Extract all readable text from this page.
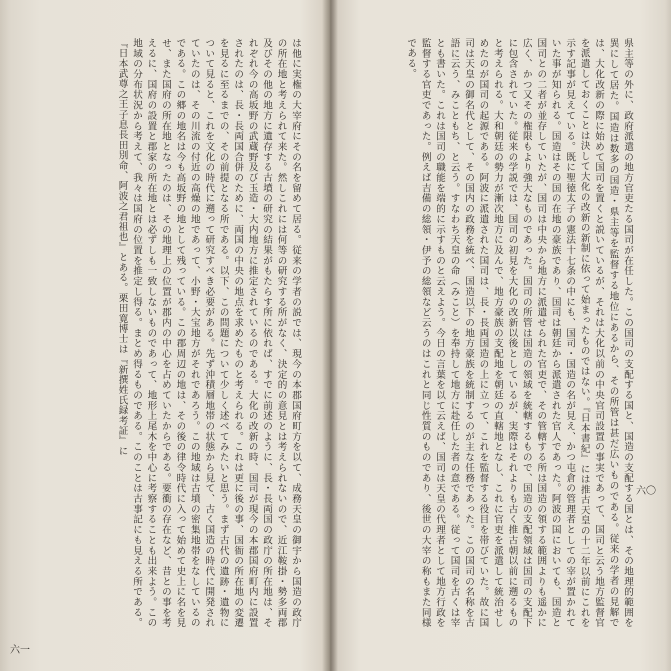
は他に実権の大宰府にその名を留めて居る。従来の学者の説では、現今の本郡国府町方を以て、成務天皇の御宇から国造の政庁の所在地と考えられて来た。然しこれには何等の研究する所がなく、決定的の意見とは考えられないので、近江鞍掛・勢多両郡及びその他の地方に遺存する古墳の研究の結果がもたらす所に依れば、すでに前述のように、長・長両国の政庁の所在地は、それぞれ今の高坂野の武蔵野及び玉造・大内地方に推定されているのである。大化の改新の時、国司が現今の本郡国府町内に設置されたのは、長・長両国合併のために、両国の中央の地点を求めたものと考えられる。これは更に後の事、国衙の所在地の変遷を見るに至るまでの、その前提となる所である。以下、この問題について少しく述べてみたいと思う。まず古代の遺跡・遺物について見ると、これを文化の時代に遡って研究すべき必要がある。先ず沖積層地帯の状態から見て、古く国造の時代に開発されていたのは、その川流の付近の高燥の地であって、小野・大宝地方がそれであろう。この地域は古墳の密集地帯をなしているのである。この郷の地名は今も高坂野の地として残っている。この郡周辺の地は、その後の律令時代に入って始めて史上に名を見せ、また国府の所在地となったのは、その地理上の位置が郡内の中心を占めていたからである。要衝の存在など、昔との事を考えるに、国府の設置と郡家の所在地とは必ずしも一致しないものであって、地形上尾木を中心に考察することも出来よう。この地域の分布状況から考えて、我々は国府の位置を推定し得る。まとめ得るものである。このことは古事記にも見える所である。『日本武尊之王子息長田別命、阿波之君祖也』とある。栗田寛博士は『新撰姓氏録考証』に
六一
県主等の外に、政府派遣の地方官吏たる国司が在任した。この国司の支配する国と、国造の支配する国とは、その地理的範囲を異にして居た。国造は数多の国造・県主等を監督する地位にあるから、その所管は甚だ広いものである。従来の学者の見解では、大化改新の際に始めて国司を置くと説いているが、それは大化以前の中央官司設置の事実であって、国司と云う地方監督官を派遣しておくことは決して大化の改新の新制に依って始まったものではない。『日本書紀』には推古天皇の十二年以前にこれを示す記事が見えている。既に聖徳太子の憲法十七条の中にも、国司・国造の名が見え、かつ屯倉の管理者としての宰が置かれていた事が知られる。国造はその国の在地の豪族であり、国司は朝廷から派遣された官人であった。阿波の国においても、国造と国司との二者が並存していたが、国司は中央から地方に派遣せられた官吏で、その管轄する所は国造の領する範囲よりも遥かに広く、かつ又その権限もより強大なものであった。国司の所管は国造の領域を統轄するもので、国造の支配領域は国司の支配下に包含されていた。従来の学説では、国司の初見を大化の改新以後としているが、実際はそれよりも古く推古朝以前に遡るものと考えられる。大和朝廷の勢力が漸次地方に及んで、地方豪族の支配地を朝廷の直轄地となし、これに官吏を派遣して統治せしめたのが国司の起源である。阿波に派遣された国司は、長・長両国造の上に立って、これを監督する役目を帯びていた。故に国司は天皇の御名代として、その国内の政務を統べ、国造以下の地方豪族を統制するのが主な任務であった。この国司の名称を古語に云う、みこともち、と云う。すなわち天皇の命（みこと）を奉持して地方に赴任した者の意である。従って国司を古くは宰とも書いた。これは国司の職能を端的に示すものと云えよう。今日の言葉を以て云えば、国司は天皇の代理者として地方行政を監督する官吏であった。例えば吉備の総領・伊予の総領など云うのはこれと同じ性質のものであり、後世の大宰の称もまた同様である。
六〇
